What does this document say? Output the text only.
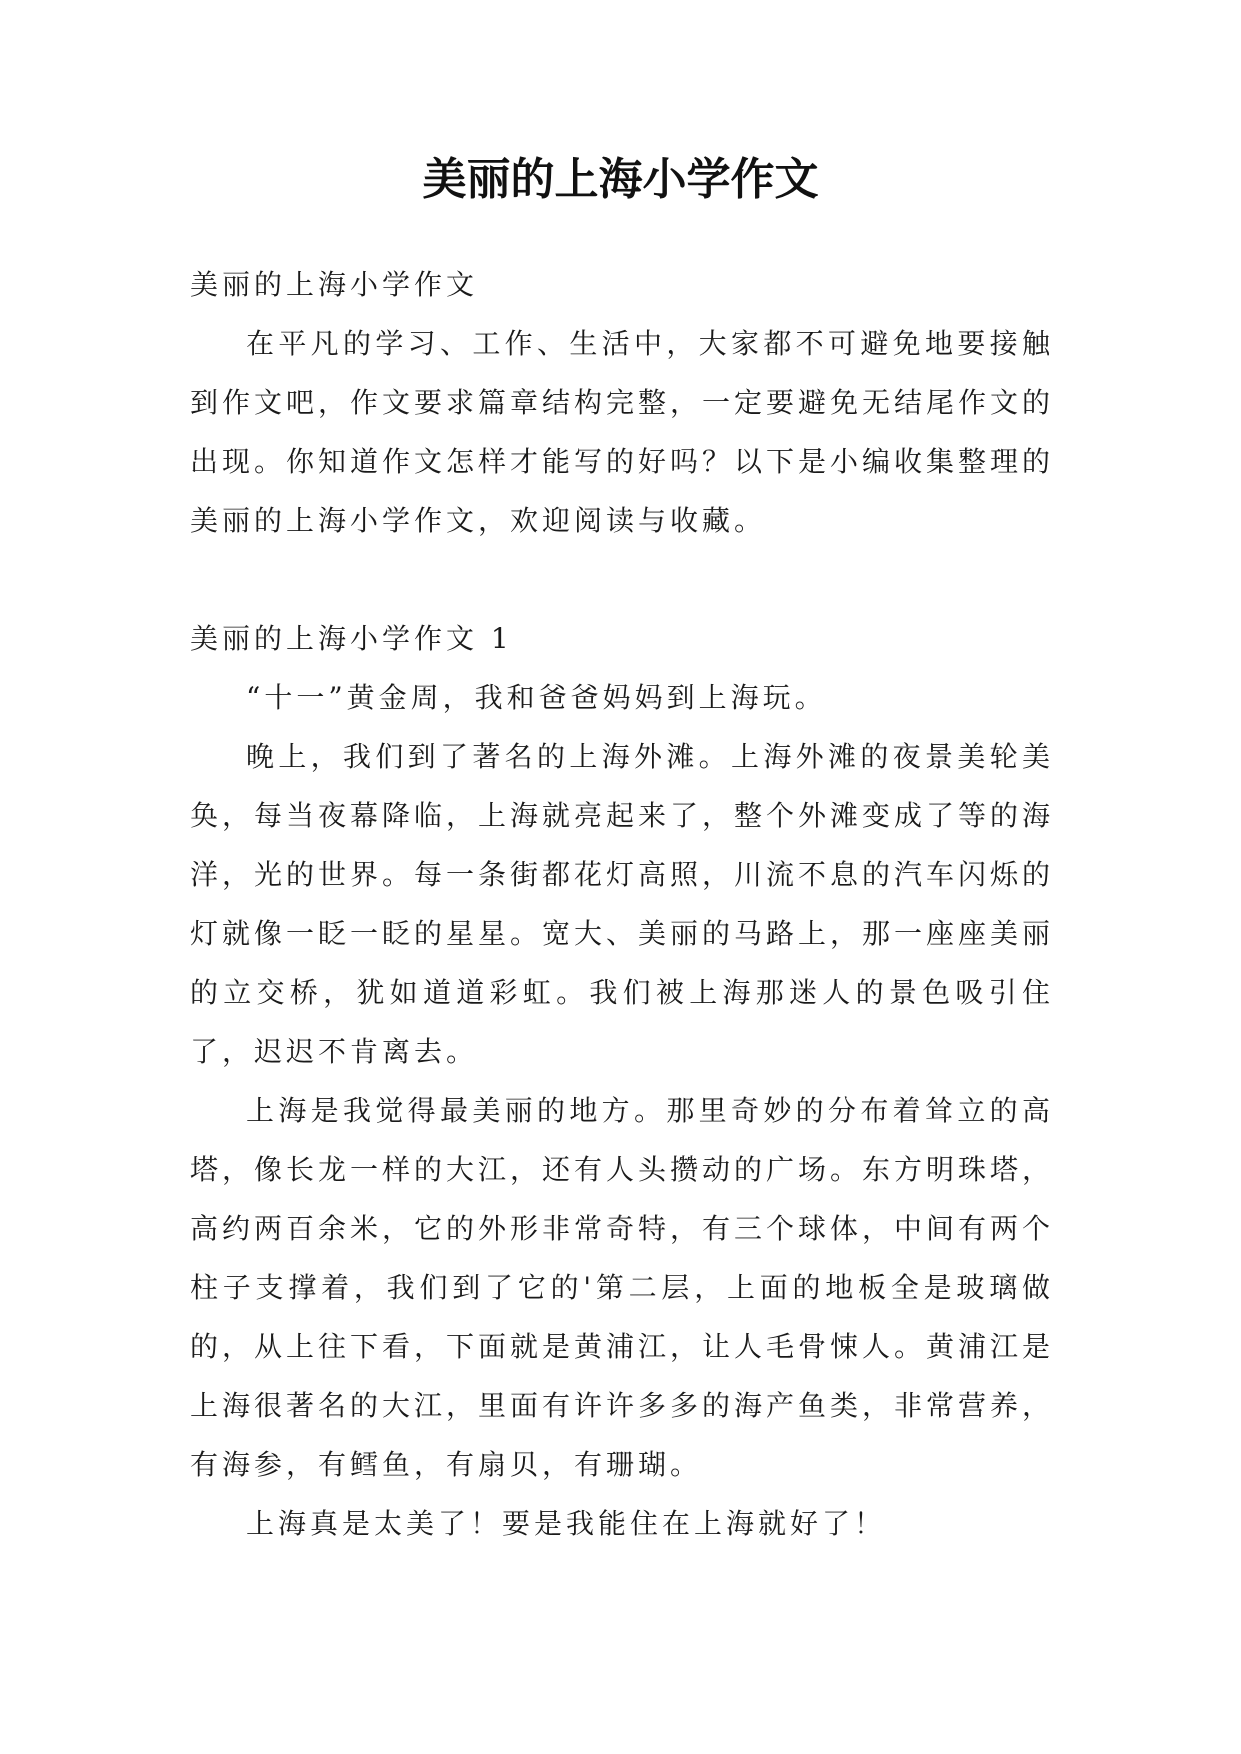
美丽的上海小学作文

美丽的上海小学作文

在平凡的学习、工作、生活中，大家都不可避免地要接触到作文吧，作文要求篇章结构完整，一定要避免无结尾作文的出现。你知道作文怎样才能写的好吗？以下是小编收集整理的美丽的上海小学作文，欢迎阅读与收藏。

美丽的上海小学作文 1

“十一”黄金周，我和爸爸妈妈到上海玩。

晚上，我们到了著名的上海外滩。上海外滩的夜景美轮美奂，每当夜幕降临，上海就亮起来了，整个外滩变成了等的海洋，光的世界。每一条街都花灯高照，川流不息的汽车闪烁的灯就像一眨一眨的星星。宽大、美丽的马路上，那一座座美丽的立交桥，犹如道道彩虹。我们被上海那迷人的景色吸引住了，迟迟不肯离去。

上海是我觉得最美丽的地方。那里奇妙的分布着耸立的高塔，像长龙一样的大江，还有人头攒动的广场。东方明珠塔，高约两百余米，它的外形非常奇特，有三个球体，中间有两个柱子支撑着，我们到了它的'第二层，上面的地板全是玻璃做的，从上往下看，下面就是黄浦江，让人毛骨悚人。黄浦江是上海很著名的大江，里面有许许多多的海产鱼类，非常营养，有海参，有鳕鱼，有扇贝，有珊瑚。

上海真是太美了！要是我能住在上海就好了！
